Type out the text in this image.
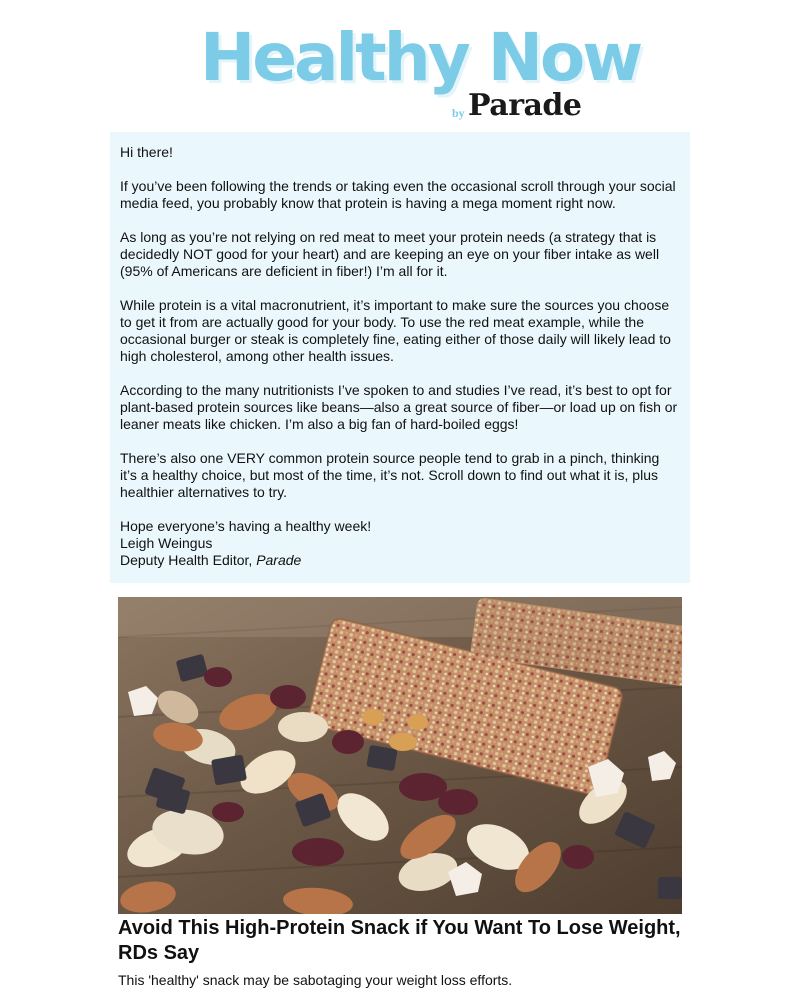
Healthy Now
by Parade

Hi there!

If you’ve been following the trends or taking even the occasional scroll through your social media feed, you probably know that protein is having a mega moment right now.

As long as you’re not relying on red meat to meet your protein needs (a strategy that is decidedly NOT good for your heart) and are keeping an eye on your fiber intake as well (95% of Americans are deficient in fiber!) I’m all for it.

While protein is a vital macronutrient, it’s important to make sure the sources you choose to get it from are actually good for your body. To use the red meat example, while the occasional burger or steak is completely fine, eating either of those daily will likely lead to high cholesterol, among other health issues.

According to the many nutritionists I’ve spoken to and studies I’ve read, it’s best to opt for plant-based protein sources like beans—also a great source of fiber—or load up on fish or leaner meats like chicken. I’m also a big fan of hard-boiled eggs!

There’s also one VERY common protein source people tend to grab in a pinch, thinking it’s a healthy choice, but most of the time, it’s not. Scroll down to find out what it is, plus healthier alternatives to try.

Hope everyone’s having a healthy week!

Leigh Weingus

Deputy Health Editor, Parade

Avoid This High-Protein Snack if You Want To Lose Weight, RDs Say

This 'healthy' snack may be sabotaging your weight loss efforts.
